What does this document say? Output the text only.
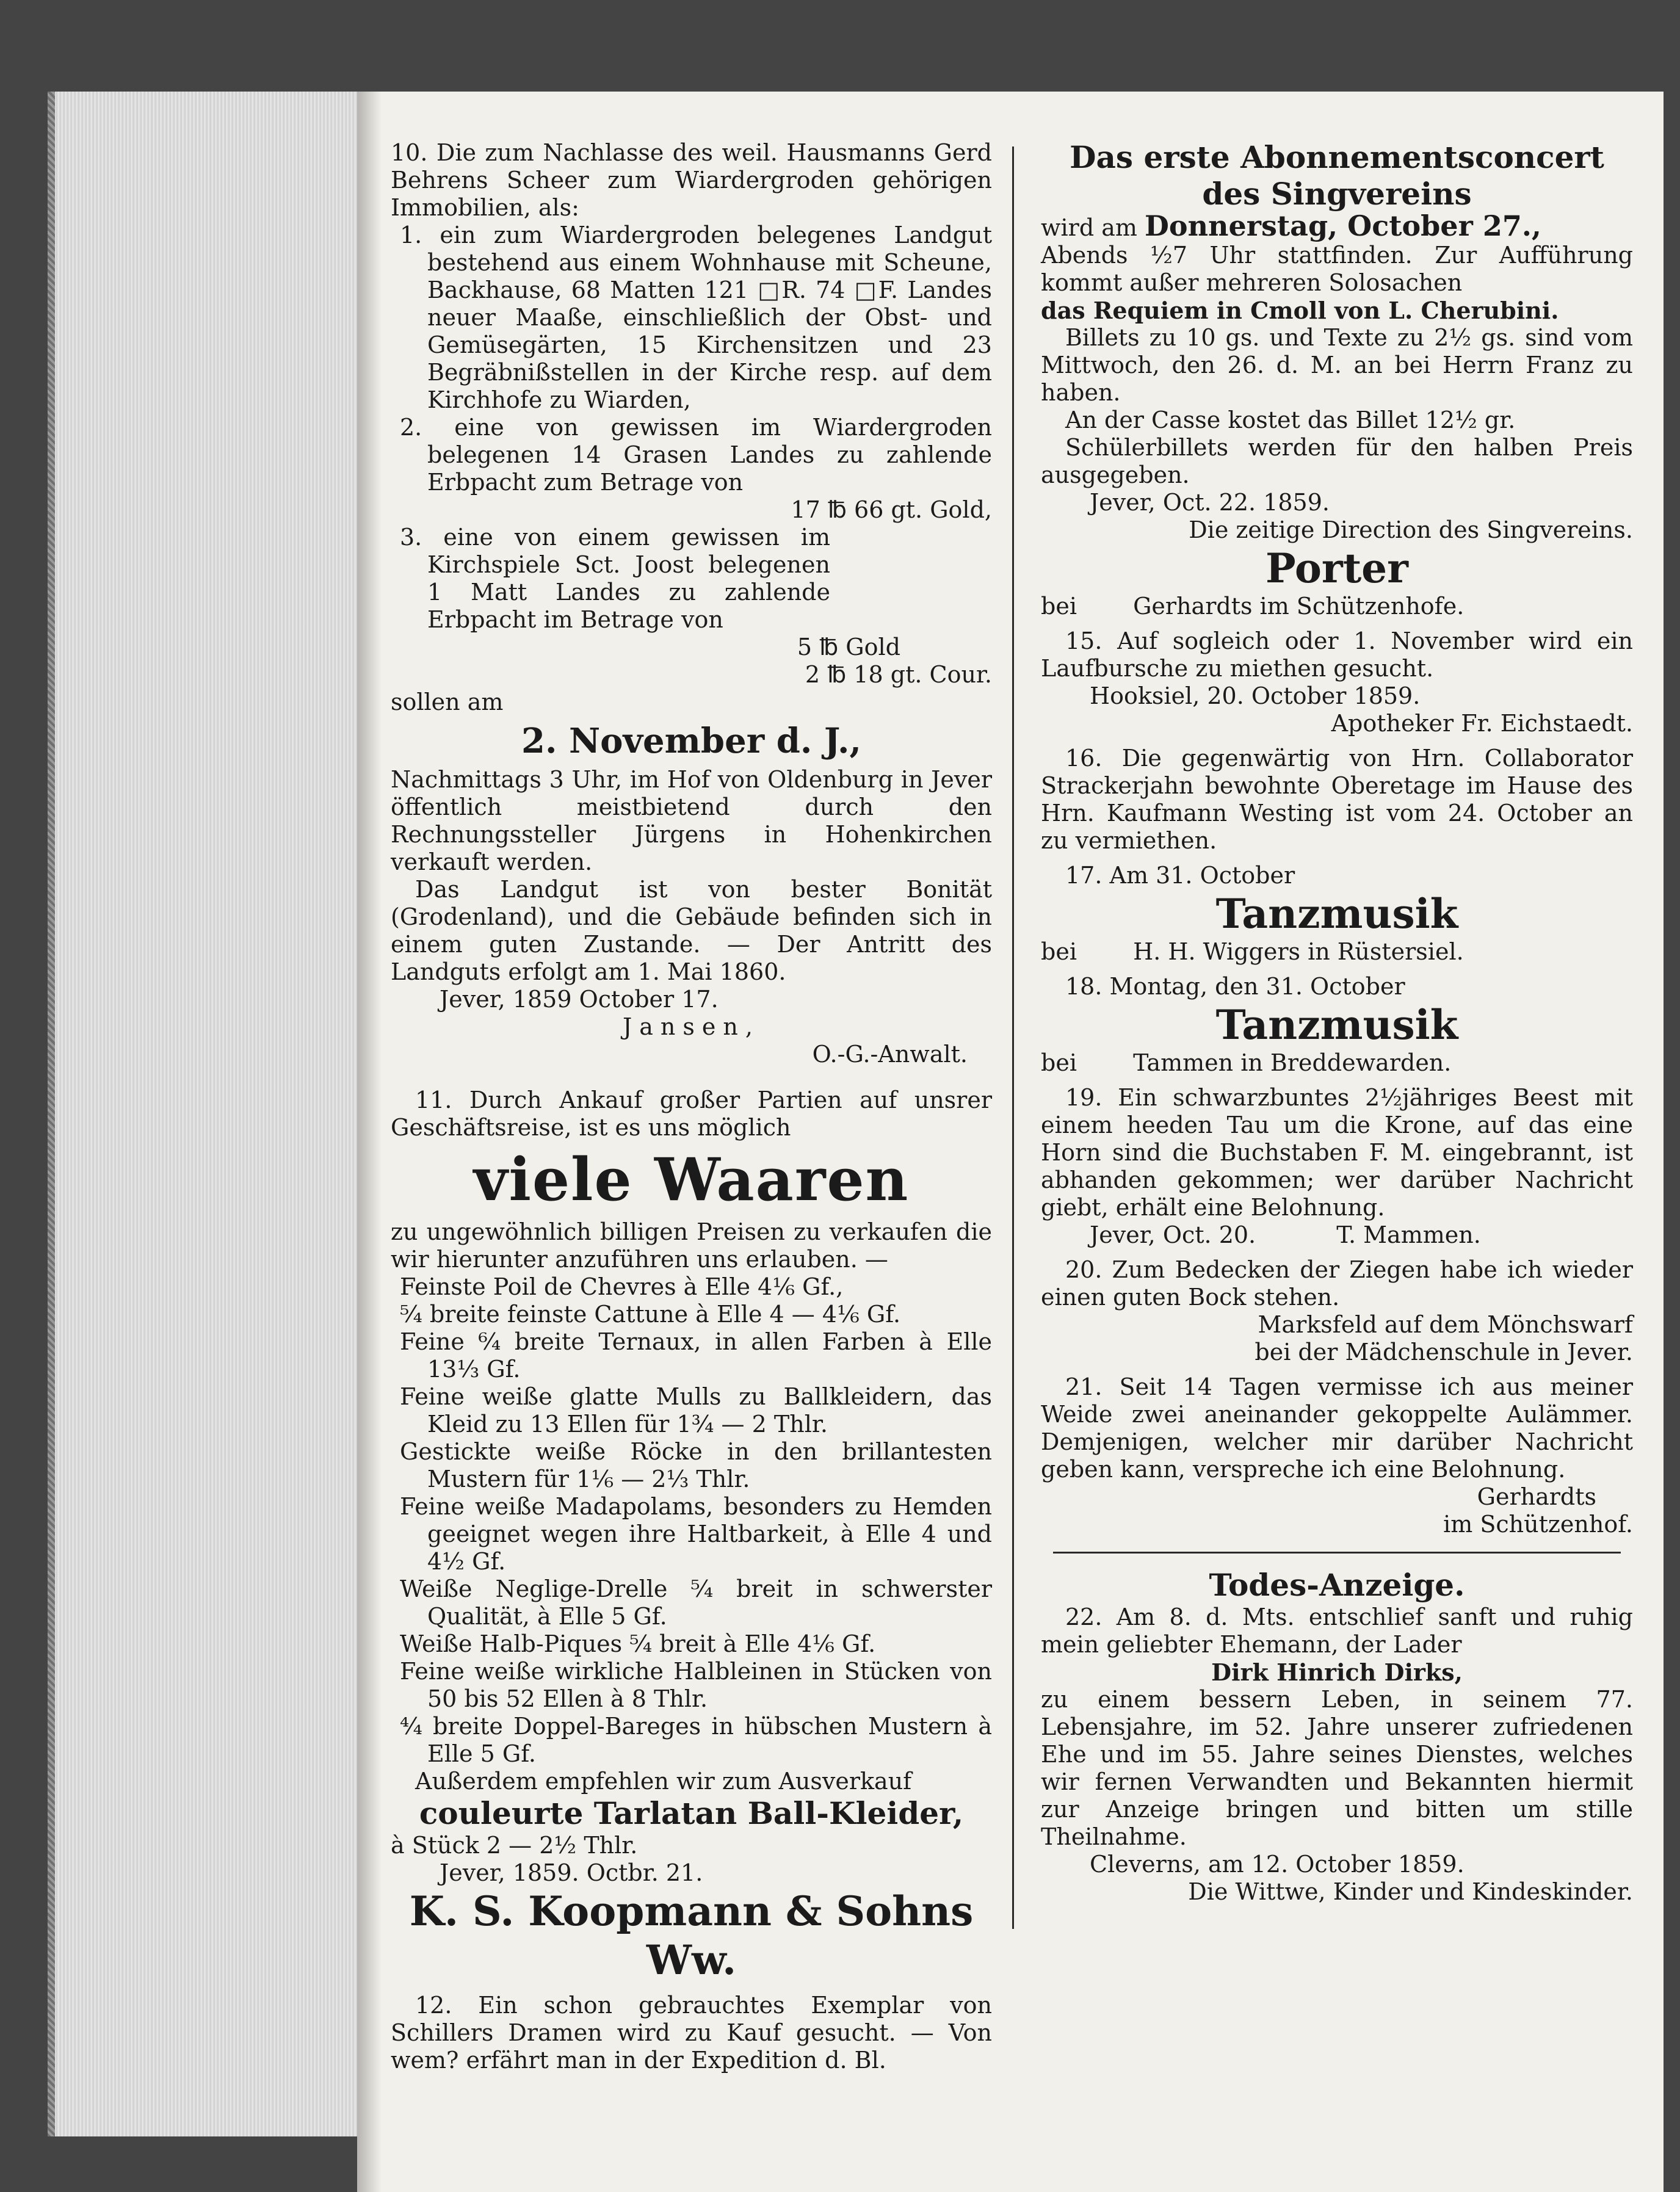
10. Die zum Nachlasse des weil. Hausmanns Gerd Behrens Scheer zum Wiardergroden gehörigen Immobilien, als:

1. ein zum Wiardergroden belegenes Landgut bestehend aus einem Wohnhause mit Scheune, Backhause, 68 Matten 121 □R. 74 □F. Landes neuer Maaße, einschließlich der Obst- und Gemüsegärten, 15 Kirchensitzen und 23 Begräbnißstellen in der Kirche resp. auf dem Kirchhofe zu Wiarden,

2. eine von gewissen im Wiardergroden belegenen 14 Grasen Landes zu zahlende Erbpacht zum Betrage von

17 ℔ 66 gt. Gold,

3. eine von einem gewissen im Kirchspiele Sct. Joost belegenen 1 Matt Landes zu zahlende Erbpacht im Betrage von

5 ℔ Gold

2 ℔ 18 gt. Cour.

sollen am

2. November d. J.,

Nachmittags 3 Uhr, im Hof von Oldenburg in Jever öffentlich meistbietend durch den Rechnungssteller Jürgens in Hohenkirchen verkauft werden.

Das Landgut ist von bester Bonität (Grodenland), und die Gebäude befinden sich in einem guten Zustande. — Der Antritt des Landguts erfolgt am 1. Mai 1860.

Jever, 1859 October 17.

Jansen,

O.-G.-Anwalt.

11. Durch Ankauf großer Partien auf unsrer Geschäftsreise, ist es uns möglich

viele Waaren

zu ungewöhnlich billigen Preisen zu verkaufen die wir hierunter anzuführen uns erlauben. —

Feinste Poil de Chevres à Elle 4⅙ Gf.,

⁵⁄₄ breite feinste Cattune à Elle 4 — 4⅙ Gf.

Feine ⁶⁄₄ breite Ternaux, in allen Farben à Elle 13⅓ Gf.

Feine weiße glatte Mulls zu Ballkleidern, das Kleid zu 13 Ellen für 1¾ — 2 Thlr.

Gestickte weiße Röcke in den brillantesten Mustern für 1⅙ — 2⅓ Thlr.

Feine weiße Madapolams, besonders zu Hemden geeignet wegen ihre Haltbarkeit, à Elle 4 und 4½ Gf.

Weiße Neglige-Drelle ⁵⁄₄ breit in schwerster Qualität, à Elle 5 Gf.

Weiße Halb-Piques ⁵⁄₄ breit à Elle 4⅙ Gf.

Feine weiße wirkliche Halbleinen in Stücken von 50 bis 52 Ellen à 8 Thlr.

⁴⁄₄ breite Doppel-Bareges in hübschen Mustern à Elle 5 Gf.

Außerdem empfehlen wir zum Ausverkauf

couleurte Tarlatan Ball-Kleider,

à Stück 2 — 2½ Thlr.

Jever, 1859. Octbr. 21.

K. S. Koopmann & Sohns Ww.

12. Ein schon gebrauchtes Exemplar von Schillers Dramen wird zu Kauf gesucht. — Von wem? erfährt man in der Expedition d. Bl.

Das erste Abonnementsconcert
des Singvereins

wird am Donnerstag, October 27.,

Abends ½7 Uhr stattfinden. Zur Aufführung kommt außer mehreren Solosachen

das Requiem in Cmoll von L. Cherubini.

Billets zu 10 gs. und Texte zu 2½ gs. sind vom Mittwoch, den 26. d. M. an bei Herrn Franz zu haben.

An der Casse kostet das Billet 12½ gr.

Schülerbillets werden für den halben Preis ausgegeben.

Jever, Oct. 22. 1859.

Die zeitige Direction des Singvereins.

Porter

bei Gerhardts im Schützenhofe.

15. Auf sogleich oder 1. November wird ein Laufbursche zu miethen gesucht.

Hooksiel, 20. October 1859.

Apotheker Fr. Eichstaedt.

16. Die gegenwärtig von Hrn. Collaborator Strackerjahn bewohnte Oberetage im Hause des Hrn. Kaufmann Westing ist vom 24. October an zu vermiethen.

17. Am 31. October

Tanzmusik

bei H. H. Wiggers in Rüstersiel.

18. Montag, den 31. October

Tanzmusik

bei Tammen in Breddewarden.

19. Ein schwarzbuntes 2½jähriges Beest mit einem heeden Tau um die Krone, auf das eine Horn sind die Buchstaben F. M. eingebrannt, ist abhanden gekommen; wer darüber Nachricht giebt, erhält eine Belohnung.

Jever, Oct. 20.	T. Mammen.

20. Zum Bedecken der Ziegen habe ich wieder einen guten Bock stehen.

Marksfeld auf dem Mönchswarf

bei der Mädchenschule in Jever.

21. Seit 14 Tagen vermisse ich aus meiner Weide zwei aneinander gekoppelte Aulämmer. Demjenigen, welcher mir darüber Nachricht geben kann, verspreche ich eine Belohnung.

Gerhardts

im Schützenhof.

Todes-Anzeige.

22. Am 8. d. Mts. entschlief sanft und ruhig mein geliebter Ehemann, der Lader

Dirk Hinrich Dirks,

zu einem bessern Leben, in seinem 77. Lebensjahre, im 52. Jahre unserer zufriedenen Ehe und im 55. Jahre seines Dienstes, welches wir fernen Verwandten und Bekannten hiermit zur Anzeige bringen und bitten um stille Theilnahme.

Cleverns, am 12. October 1859.

Die Wittwe, Kinder und Kindeskinder.
